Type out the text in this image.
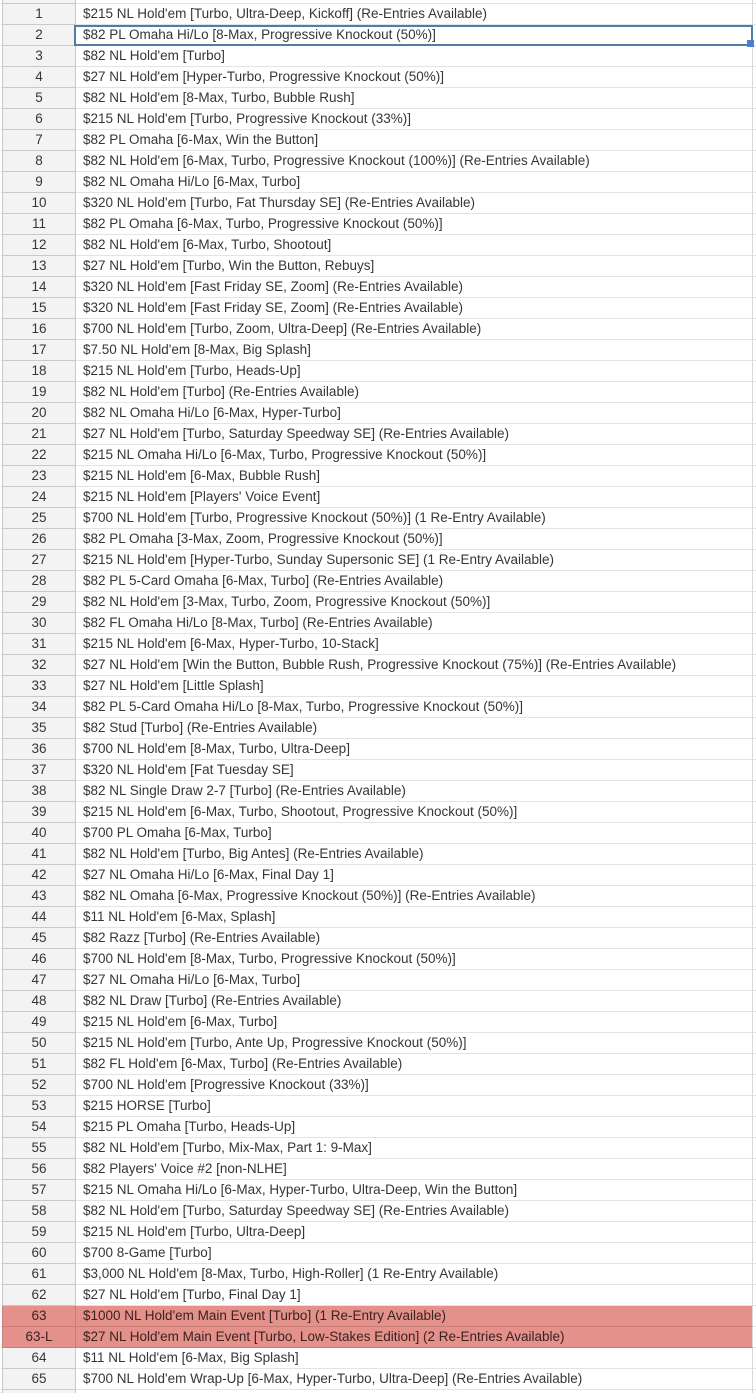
1	$215 NL Hold'em [Turbo, Ultra-Deep, Kickoff] (Re-Entries Available)
2	$82 PL Omaha Hi/Lo [8-Max, Progressive Knockout (50%)]
3	$82 NL Hold'em [Turbo]
4	$27 NL Hold'em [Hyper-Turbo, Progressive Knockout (50%)]
5	$82 NL Hold'em [8-Max, Turbo, Bubble Rush]
6	$215 NL Hold'em [Turbo, Progressive Knockout (33%)]
7	$82 PL Omaha [6-Max, Win the Button]
8	$82 NL Hold'em [6-Max, Turbo, Progressive Knockout (100%)] (Re-Entries Available)
9	$82 NL Omaha Hi/Lo [6-Max, Turbo]
10	$320 NL Hold'em [Turbo, Fat Thursday SE] (Re-Entries Available)
11	$82 PL Omaha [6-Max, Turbo, Progressive Knockout (50%)]
12	$82 NL Hold'em [6-Max, Turbo, Shootout]
13	$27 NL Hold'em [Turbo, Win the Button, Rebuys]
14	$320 NL Hold'em [Fast Friday SE, Zoom] (Re-Entries Available)
15	$320 NL Hold'em [Fast Friday SE, Zoom] (Re-Entries Available)
16	$700 NL Hold'em [Turbo, Zoom, Ultra-Deep] (Re-Entries Available)
17	$7.50 NL Hold'em [8-Max, Big Splash]
18	$215 NL Hold'em [Turbo, Heads-Up]
19	$82 NL Hold'em [Turbo] (Re-Entries Available)
20	$82 NL Omaha Hi/Lo [6-Max, Hyper-Turbo]
21	$27 NL Hold'em [Turbo, Saturday Speedway SE] (Re-Entries Available)
22	$215 NL Omaha Hi/Lo [6-Max, Turbo, Progressive Knockout (50%)]
23	$215 NL Hold'em [6-Max, Bubble Rush]
24	$215 NL Hold'em [Players' Voice Event]
25	$700 NL Hold'em [Turbo, Progressive Knockout (50%)] (1 Re-Entry Available)
26	$82 PL Omaha [3-Max, Zoom, Progressive Knockout (50%)]
27	$215 NL Hold'em [Hyper-Turbo, Sunday Supersonic SE] (1 Re-Entry Available)
28	$82 PL 5-Card Omaha [6-Max, Turbo] (Re-Entries Available)
29	$82 NL Hold'em [3-Max, Turbo, Zoom, Progressive Knockout (50%)]
30	$82 FL Omaha Hi/Lo [8-Max, Turbo] (Re-Entries Available)
31	$215 NL Hold'em [6-Max, Hyper-Turbo, 10-Stack]
32	$27 NL Hold'em [Win the Button, Bubble Rush, Progressive Knockout (75%)] (Re-Entries Available)
33	$27 NL Hold'em [Little Splash]
34	$82 PL 5-Card Omaha Hi/Lo [8-Max, Turbo, Progressive Knockout (50%)]
35	$82 Stud [Turbo] (Re-Entries Available)
36	$700 NL Hold'em [8-Max, Turbo, Ultra-Deep]
37	$320 NL Hold'em [Fat Tuesday SE]
38	$82 NL Single Draw 2-7 [Turbo] (Re-Entries Available)
39	$215 NL Hold'em [6-Max, Turbo, Shootout, Progressive Knockout (50%)]
40	$700 PL Omaha [6-Max, Turbo]
41	$82 NL Hold'em [Turbo, Big Antes] (Re-Entries Available)
42	$27 NL Omaha Hi/Lo [6-Max, Final Day 1]
43	$82 NL Omaha [6-Max, Progressive Knockout (50%)] (Re-Entries Available)
44	$11 NL Hold'em [6-Max, Splash]
45	$82 Razz [Turbo] (Re-Entries Available)
46	$700 NL Hold'em [8-Max, Turbo, Progressive Knockout (50%)]
47	$27 NL Omaha Hi/Lo [6-Max, Turbo]
48	$82 NL Draw [Turbo] (Re-Entries Available)
49	$215 NL Hold'em [6-Max, Turbo]
50	$215 NL Hold'em [Turbo, Ante Up, Progressive Knockout (50%)]
51	$82 FL Hold'em [6-Max, Turbo] (Re-Entries Available)
52	$700 NL Hold'em [Progressive Knockout (33%)]
53	$215 HORSE [Turbo]
54	$215 PL Omaha [Turbo, Heads-Up]
55	$82 NL Hold'em [Turbo, Mix-Max, Part 1: 9-Max]
56	$82 Players' Voice #2 [non-NLHE]
57	$215 NL Omaha Hi/Lo [6-Max, Hyper-Turbo, Ultra-Deep, Win the Button]
58	$82 NL Hold'em [Turbo, Saturday Speedway SE] (Re-Entries Available)
59	$215 NL Hold'em [Turbo, Ultra-Deep]
60	$700 8-Game [Turbo]
61	$3,000 NL Hold'em [8-Max, Turbo, High-Roller] (1 Re-Entry Available)
62	$27 NL Hold'em [Turbo, Final Day 1]
63	$1000 NL Hold'em Main Event [Turbo] (1 Re-Entry Available)
63-L	$27 NL Hold'em Main Event [Turbo, Low-Stakes Edition] (2 Re-Entries Available)
64	$11 NL Hold'em [6-Max, Big Splash]
65	$700 NL Hold'em Wrap-Up [6-Max, Hyper-Turbo, Ultra-Deep] (Re-Entries Available)
